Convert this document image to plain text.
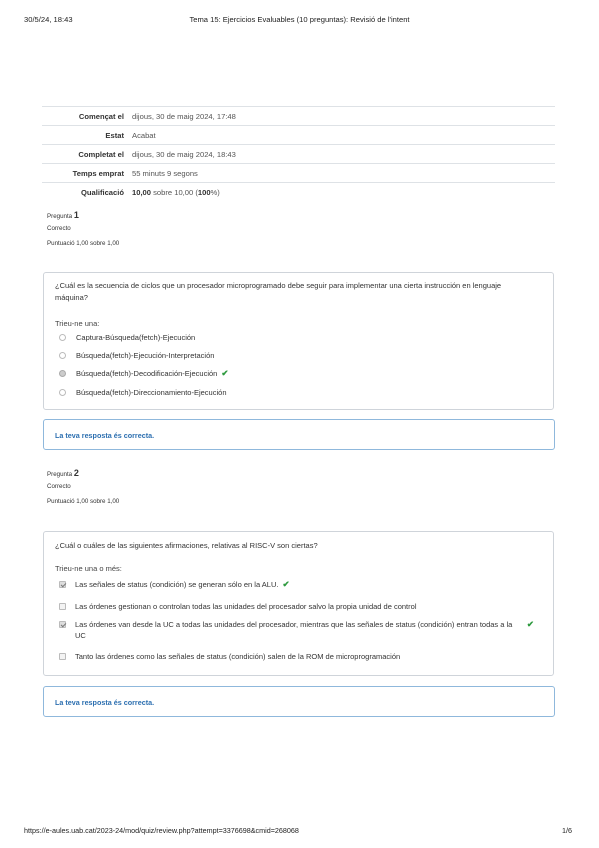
30/5/24, 18:43	Tema 15: Ejercicios Evaluables (10 preguntas): Revisió de l'intent
Començat el	dijous, 30 de maig 2024, 17:48
Estat	Acabat
Completat el	dijous, 30 de maig 2024, 18:43
Temps emprat	55 minuts 9 segons
Qualificació	10,00 sobre 10,00 (100%)
Pregunta 1
Correcto
Puntuació 1,00 sobre 1,00
¿Cuál es la secuencia de ciclos que un procesador microprogramado debe seguir para implementar una cierta instrucción en lenguaje máquina?
Trieu-ne una:
Captura-Búsqueda(fetch)-Ejecución
Búsqueda(fetch)-Ejecución-Interpretación
Búsqueda(fetch)-Decodificación-Ejecución ✔
Búsqueda(fetch)-Direccionamiento-Ejecución
La teva resposta és correcta.
Pregunta 2
Correcto
Puntuació 1,00 sobre 1,00
¿Cuál o cuáles de las siguientes afirmaciones, relativas al RISC-V son ciertas?
Trieu-ne una o més:
Las señales de status (condición) se generan sólo en la ALU. ✔
Las órdenes gestionan o controlan todas las unidades del procesador salvo la propia unidad de control
Las órdenes van desde la UC a todas las unidades del procesador, mientras que las señales de status (condición) entran todas a la UC
✔
Tanto las órdenes como las señales de status (condición) salen de la ROM de microprogramación
La teva resposta és correcta.
https://e-aules.uab.cat/2023-24/mod/quiz/review.php?attempt=3376698&cmid=268068	1/6
